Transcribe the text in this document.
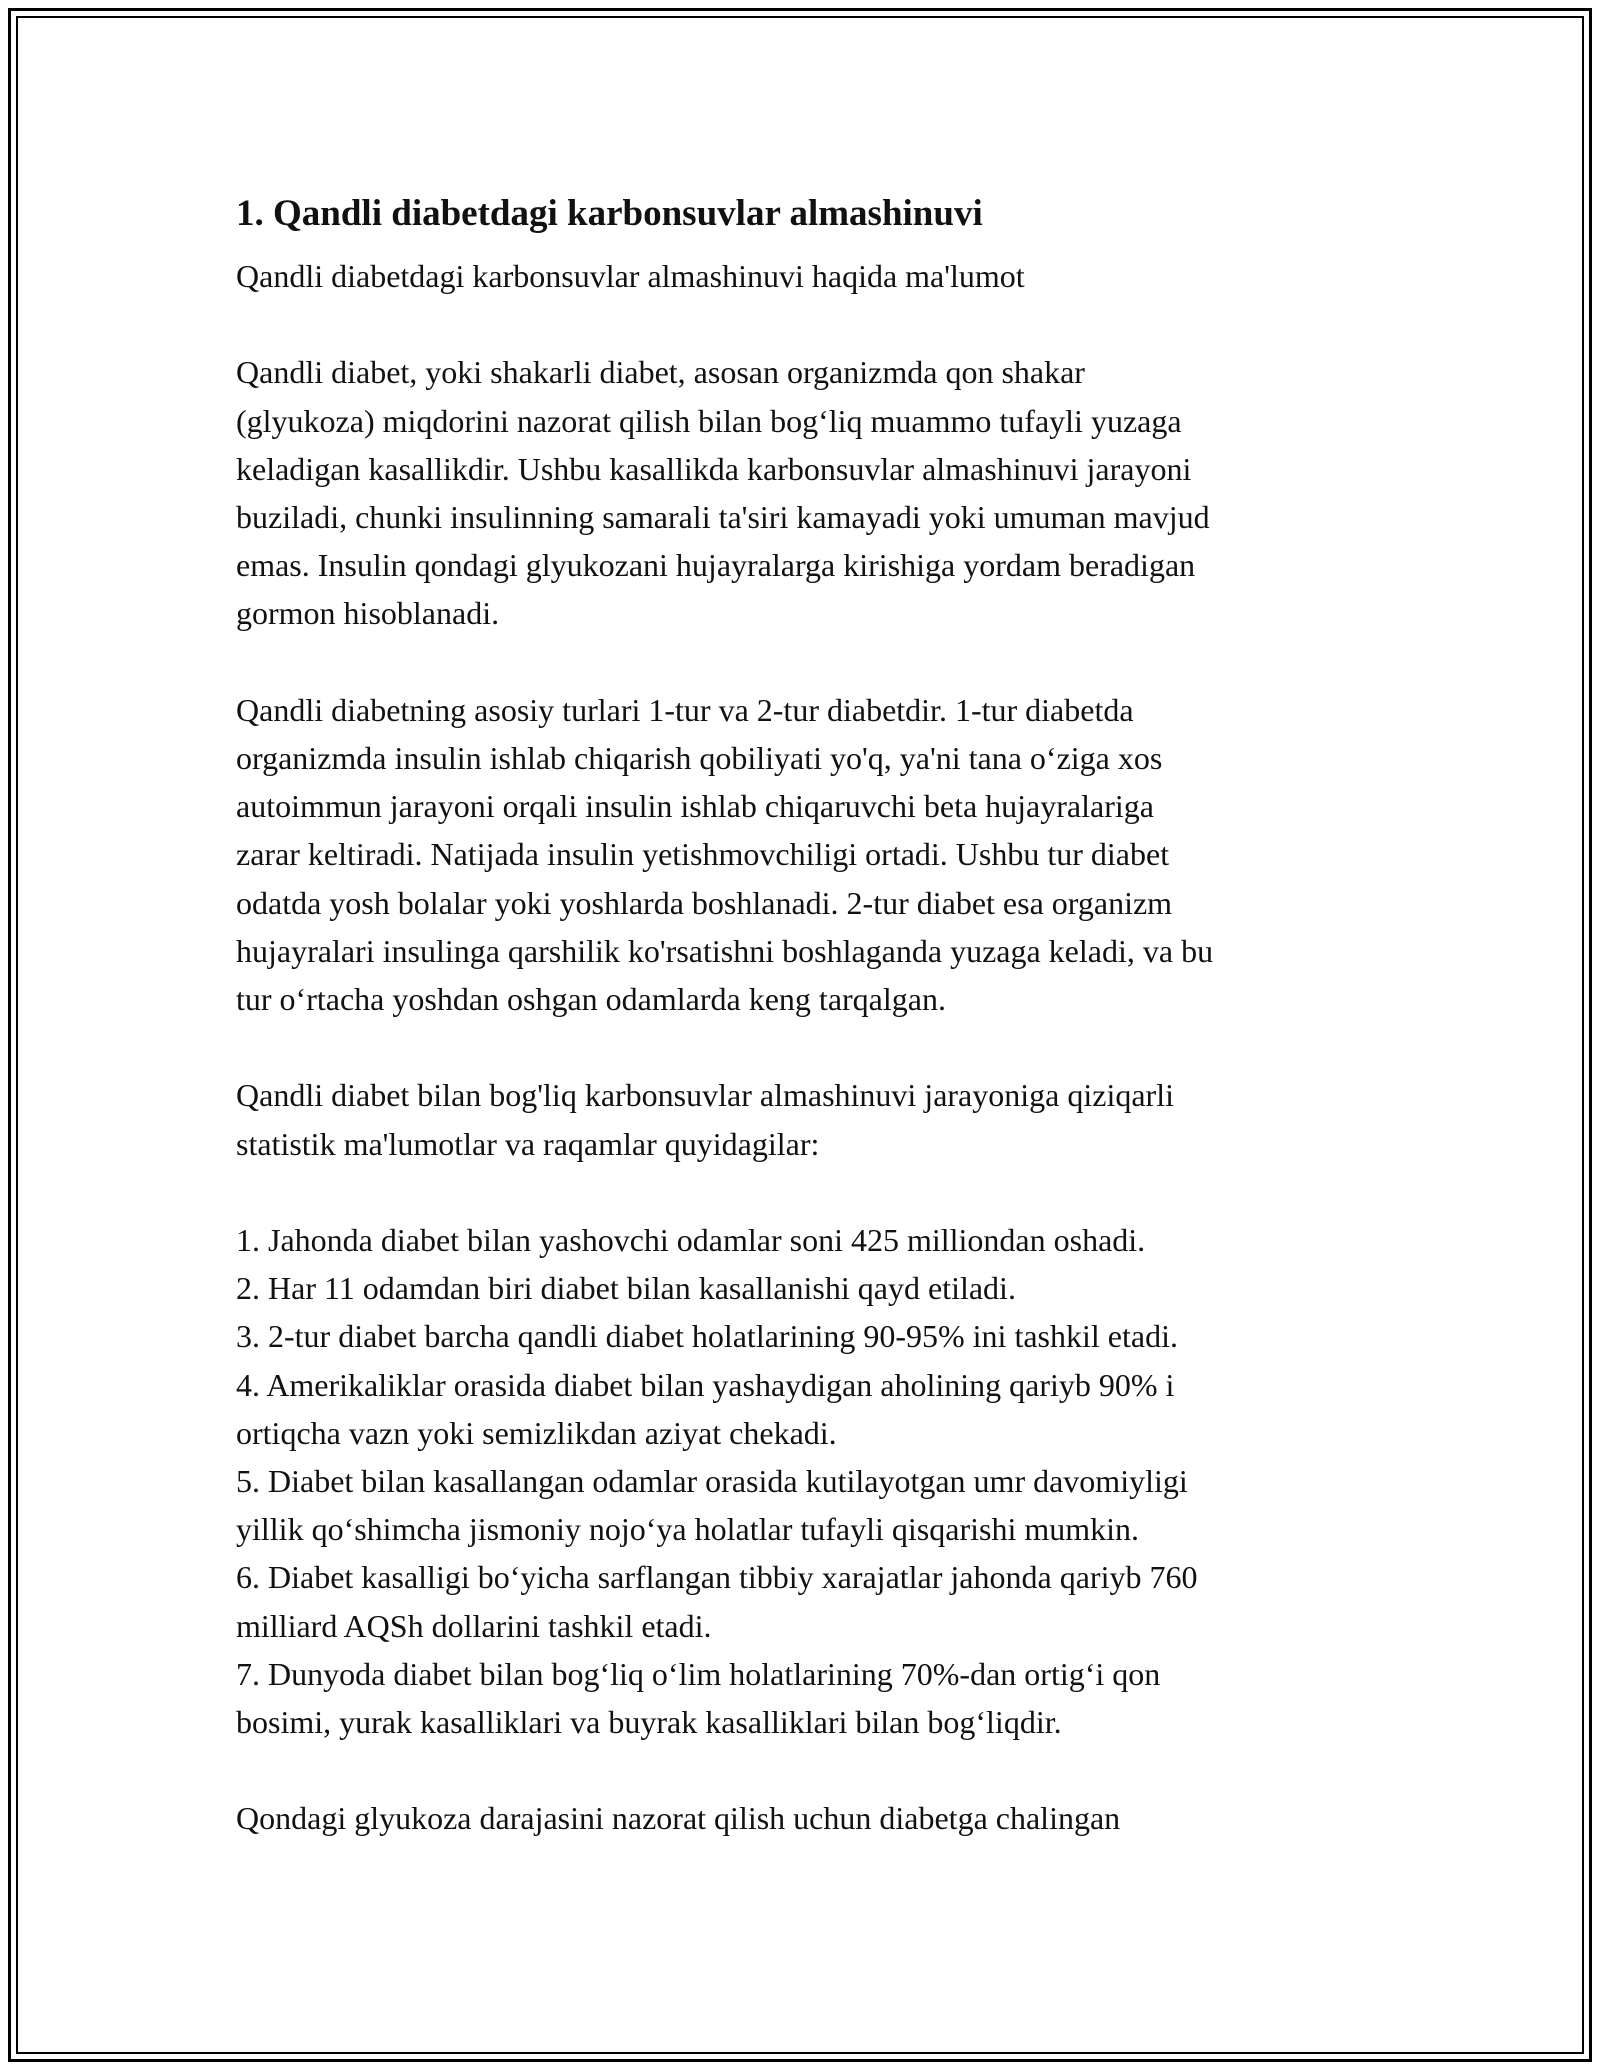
1. Qandli diabetdagi karbonsuvlar almashinuvi

Qandli diabetdagi karbonsuvlar almashinuvi haqida ma'lumot

Qandli diabet, yoki shakarli diabet, asosan organizmda qon shakar

(glyukoza) miqdorini nazorat qilish bilan bog‘liq muammo tufayli yuzaga

keladigan kasallikdir. Ushbu kasallikda karbonsuvlar almashinuvi jarayoni

buziladi, chunki insulinning samarali ta'siri kamayadi yoki umuman mavjud

emas. Insulin qondagi glyukozani hujayralarga kirishiga yordam beradigan

gormon hisoblanadi.

Qandli diabetning asosiy turlari 1-tur va 2-tur diabetdir. 1-tur diabetda

organizmda insulin ishlab chiqarish qobiliyati yo'q, ya'ni tana o‘ziga xos

autoimmun jarayoni orqali insulin ishlab chiqaruvchi beta hujayralariga

zarar keltiradi. Natijada insulin yetishmovchiligi ortadi. Ushbu tur diabet

odatda yosh bolalar yoki yoshlarda boshlanadi. 2-tur diabet esa organizm

hujayralari insulinga qarshilik ko'rsatishni boshlaganda yuzaga keladi, va bu

tur o‘rtacha yoshdan oshgan odamlarda keng tarqalgan.

Qandli diabet bilan bog'liq karbonsuvlar almashinuvi jarayoniga qiziqarli

statistik ma'lumotlar va raqamlar quyidagilar:

1. Jahonda diabet bilan yashovchi odamlar soni 425 milliondan oshadi.

2. Har 11 odamdan biri diabet bilan kasallanishi qayd etiladi.

3. 2-tur diabet barcha qandli diabet holatlarining 90-95% ini tashkil etadi.

4. Amerikaliklar orasida diabet bilan yashaydigan aholining qariyb 90% i

ortiqcha vazn yoki semizlikdan aziyat chekadi.

5. Diabet bilan kasallangan odamlar orasida kutilayotgan umr davomiyligi

yillik qo‘shimcha jismoniy nojo‘ya holatlar tufayli qisqarishi mumkin.

6. Diabet kasalligi bo‘yicha sarflangan tibbiy xarajatlar jahonda qariyb 760

milliard AQSh dollarini tashkil etadi.

7. Dunyoda diabet bilan bog‘liq o‘lim holatlarining 70%-dan ortig‘i qon

bosimi, yurak kasalliklari va buyrak kasalliklari bilan bog‘liqdir.

Qondagi glyukoza darajasini nazorat qilish uchun diabetga chalingan
